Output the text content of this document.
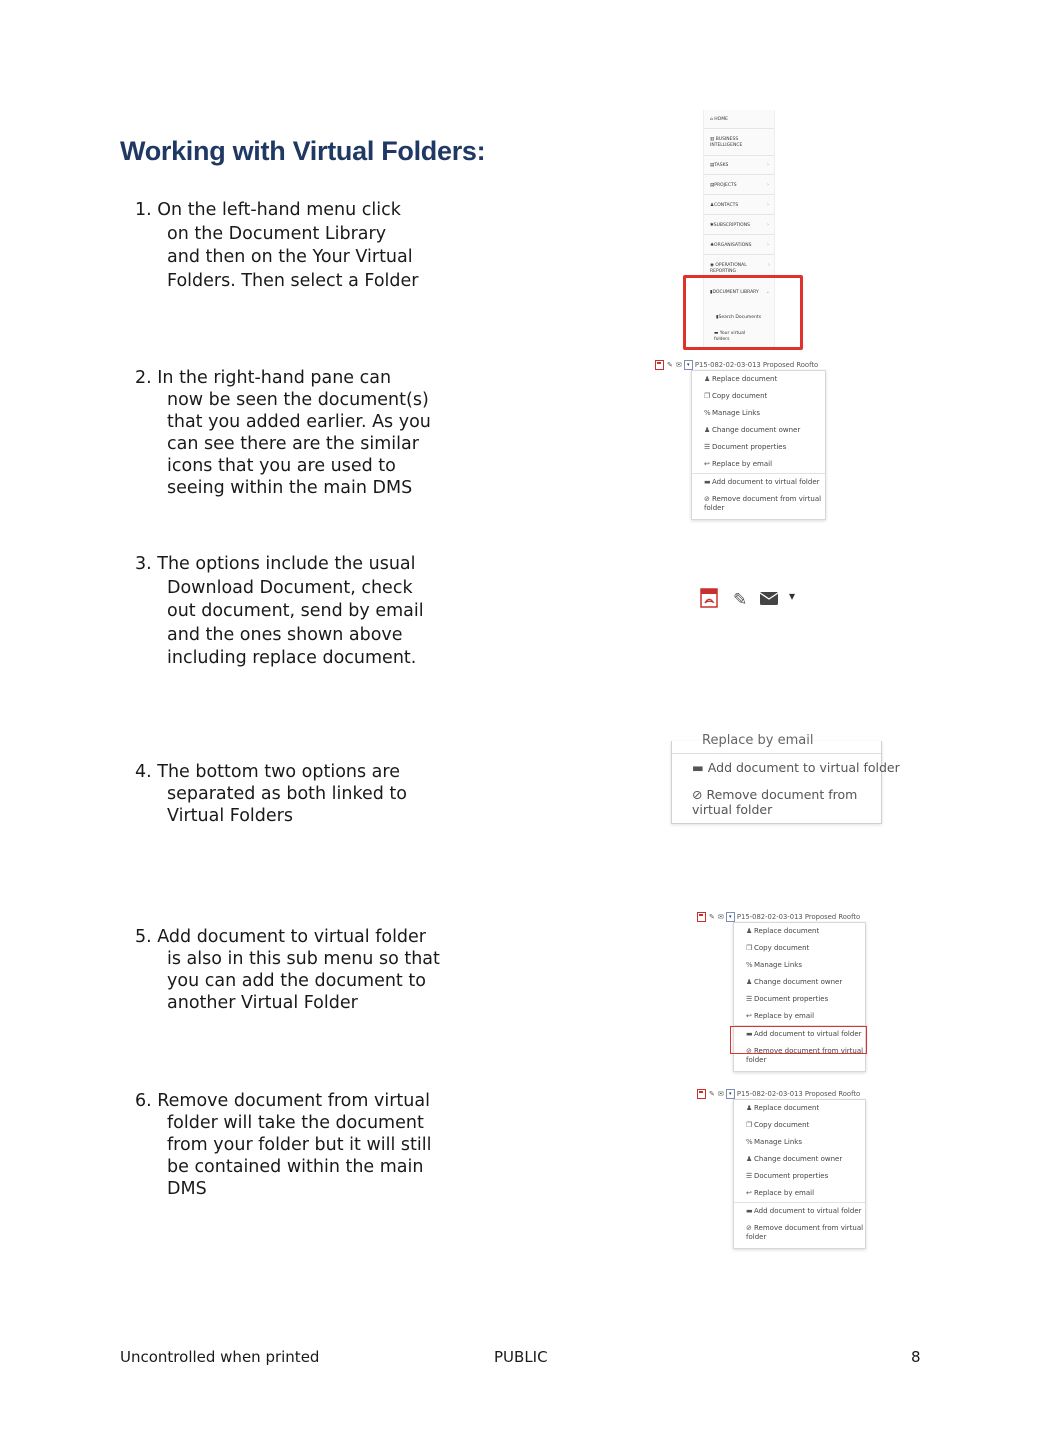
Working with Virtual Folders:
1. On the left-hand menu click
on the Document Library
and then on the Your Virtual
Folders. Then select a Folder
2. In the right-hand pane can
now be seen the document(s)
that you added earlier. As you
can see there are the similar
icons that you are used to
seeing within the main DMS
3. The options include the usual
Download Document, check
out document, send by email
and the ones shown above
including replace document.
4. The bottom two options are
separated as both linked to
Virtual Folders
5. Add document to virtual folder
is also in this sub menu so that
you can add the document to
another Virtual Folder
6. Remove document from virtual
folder will take the document
from your folder but it will still
be contained within the main
DMS
⌂ HOME
▥ BUSINESS INTELLIGENCE
▤TASKS	›
▤PROJECTS	›
♟CONTACTS	›
✱SUBSCRIPTIONS	›
♣ORGANISATIONS	›
◉ OPERATIONAL REPORTING
›
▮DOCUMENT LIBRARY ⌄
▮Search Documents
▬ Your virtual folders
✎ ✉ ▾ P15-082-02-03-013 Proposed Roofto
♟ Replace document
❐ Copy document
%Manage Links
♟ Change document owner
☰ Document properties
↩ Replace by email
▬Add document to virtual folder
⊘ Remove document from virtual folder
✎	▾
Replace by email
▬ Add document to virtual folder
⊘ Remove document from virtual folder
✎ ✉ ▾ P15-082-02-03-013 Proposed Roofto
♟ Replace document
❐ Copy document
%Manage Links
♟ Change document owner
☰ Document properties
↩ Replace by email
▬Add document to virtual folder
⊘ Remove document from virtual folder
✎ ✉ ▾ P15-082-02-03-013 Proposed Roofto
♟ Replace document
❐ Copy document
%Manage Links
♟ Change document owner
☰ Document properties
↩ Replace by email
▬Add document to virtual folder
⊘ Remove document from virtual folder
Uncontrolled when printed	PUBLIC	8
